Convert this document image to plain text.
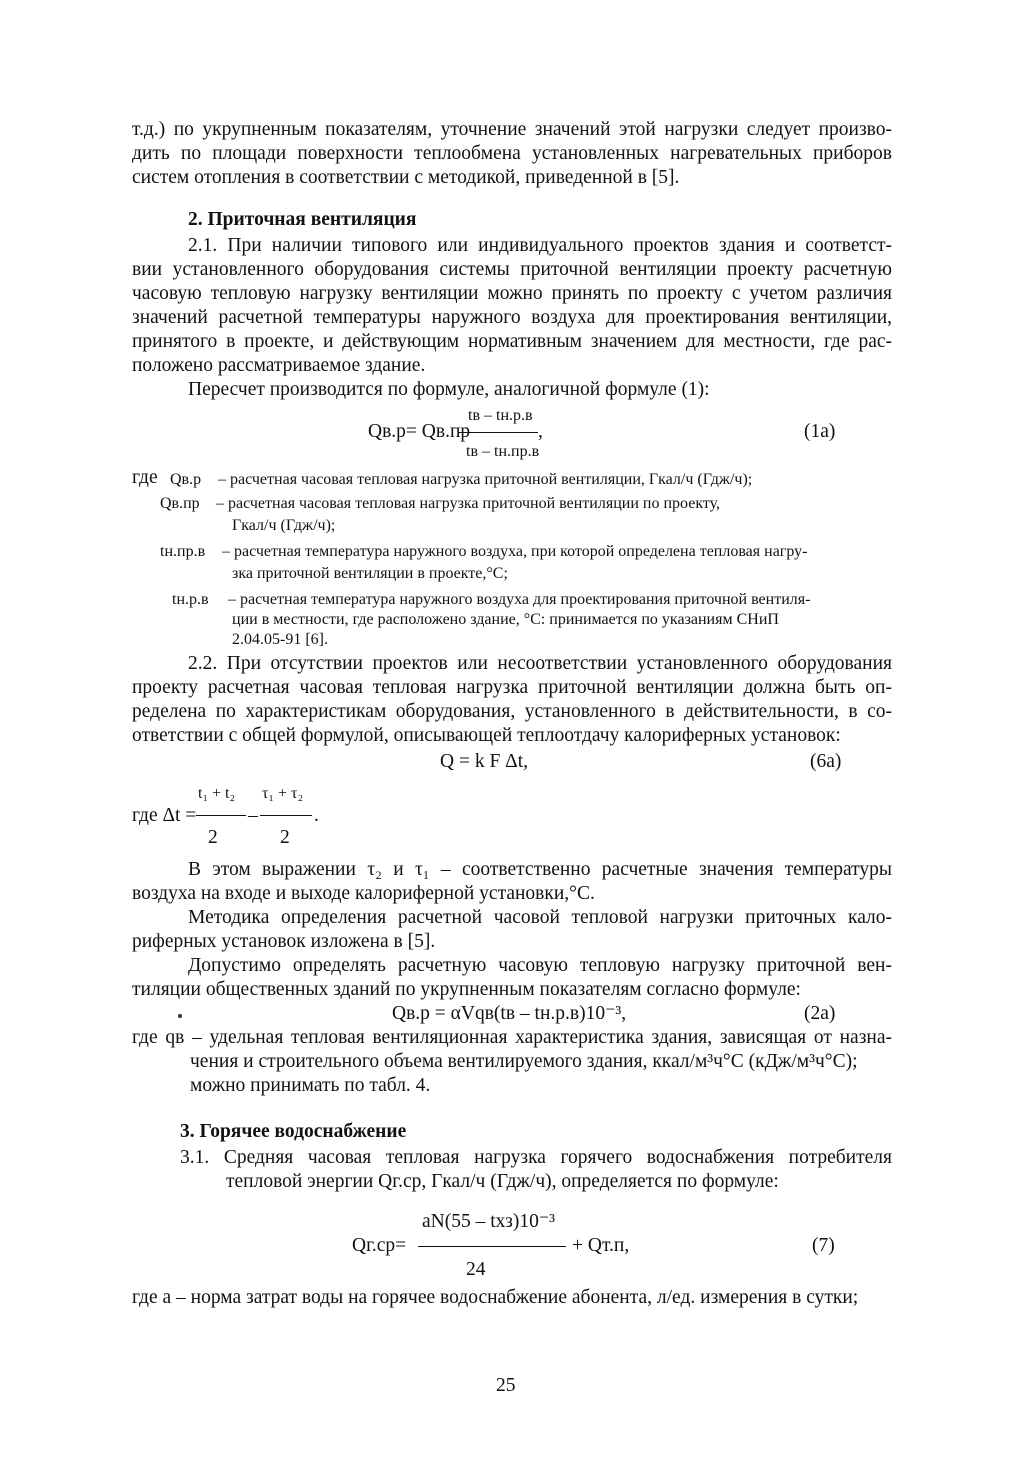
т.д.) по укрупненным показателям, уточнение значений этой нагрузки следует произво-
дить по площади поверхности теплообмена установленных нагревательных приборов
систем отопления в соответствии с методикой, приведенной в [5].
2. Приточная вентиляция
2.1. При наличии типового или индивидуального проектов здания и соответст-
вии установленного оборудования системы приточной вентиляции проекту расчетную
часовую тепловую нагрузку вентиляции можно принять по проекту с учетом различия
значений расчетной температуры наружного воздуха для проектирования вентиляции,
принятого в проекте, и действующим нормативным значением для местности, где рас-
положено рассматриваемое здание.
Пересчет производится по формуле, аналогичной формуле (1):
tв – tн.р.в
Qв.р= Qв.пр	,	(1а)
tв – tн.пр.в
где Qв.р – расчетная часовая тепловая нагрузка приточной вентиляции, Гкал/ч (Гдж/ч);
Qв.пр – расчетная часовая тепловая нагрузка приточной вентиляции по проекту,
Гкал/ч (Гдж/ч);
tн.пр.в – расчетная температура наружного воздуха, при которой определена тепловая нагру-
зка приточной вентиляции в проекте,°С;
tн.р.в – расчетная температура наружного воздуха для проектирования приточной вентиля-
ции в местности, где расположено здание, °С: принимается по указаниям СНиП
2.04.05-91 [6].
2.2. При отсутствии проектов или несоответствии установленного оборудования
проекту расчетная часовая тепловая нагрузка приточной вентиляции должна быть оп-
ределена по характеристикам оборудования, установленного в действительности, в со-
ответствии с общей формулой, описывающей теплоотдачу калориферных установок:
Q = k F Δt,	(6а)
t₁ + t₂ τ₁ + τ₂
где Δt =	–	.
2	2
В этом выражении τ₂ и τ₁ – соответственно расчетные значения температуры
воздуха на входе и выходе калориферной установки,°С.
Методика определения расчетной часовой тепловой нагрузки приточных кало-
риферных установок изложена в [5].
Допустимо определять расчетную часовую тепловую нагрузку приточной вен-
тиляции общественных зданий по укрупненным показателям согласно формуле:
Qв.р = αVqв(tв – tн.р.в)10⁻³,	(2а)
где qв – удельная тепловая вентиляционная характеристика здания, зависящая от назна-
чения и строительного объема вентилируемого здания, ккал/м³ч°С (кДж/м³ч°С);
можно принимать по табл. 4.
3. Горячее водоснабжение
3.1. Средняя часовая тепловая нагрузка горячего водоснабжения потребителя
тепловой энергии Qг.ср, Гкал/ч (Гдж/ч), определяется по формуле:
aN(55 – tхз)10⁻³
Qг.ср=	+ Qт.п,	(7)
24
где а – норма затрат воды на горячее водоснабжение абонента, л/ед. измерения в сутки;
25
